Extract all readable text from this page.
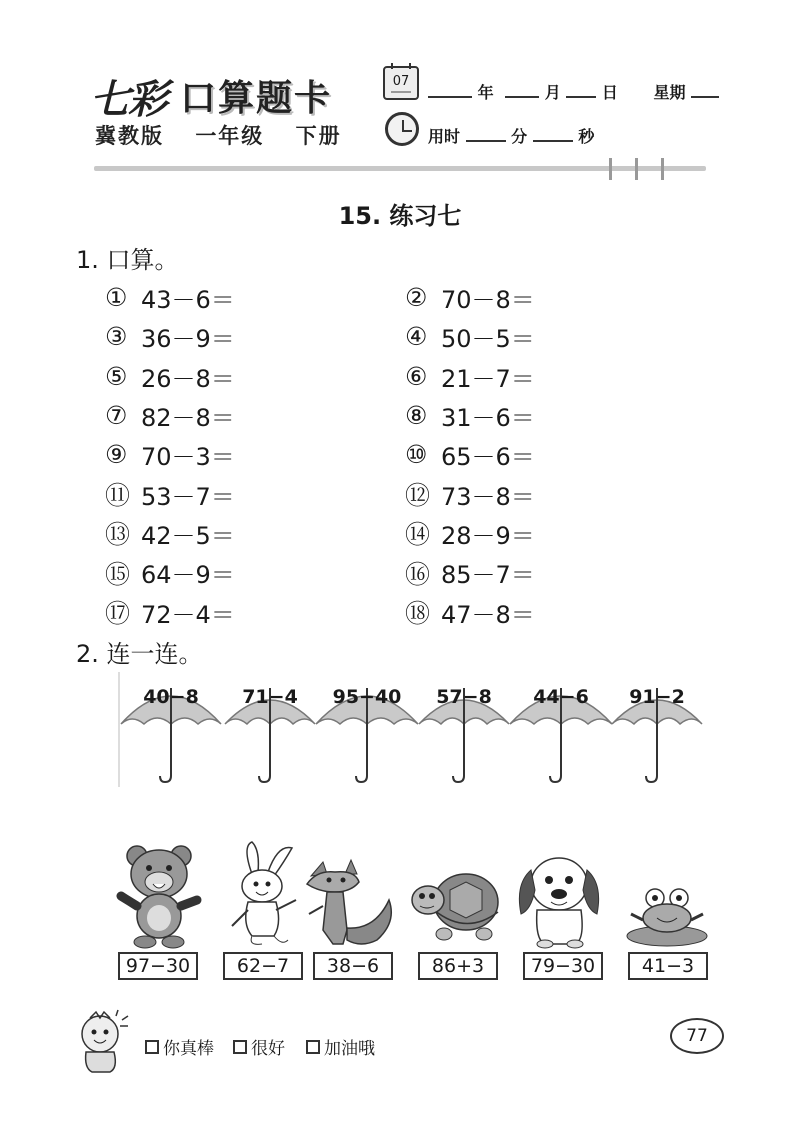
七彩 口算题卡
冀教版 一年级 下册
07
年	月	日 星期
用时	分	秒
15. 练习七
1. 口算。
① 43－6＝	② 70－8＝
③ 36－9＝	④ 50－5＝
⑤ 26－8＝	⑥ 21－7＝
⑦ 82－8＝	⑧ 31－6＝
⑨ 70－3＝	⑩ 65－6＝
⑪ 53－7＝	⑫ 73－8＝
⑬ 42－5＝	⑭ 28－9＝
⑮ 64－9＝	⑯ 85－7＝
⑰ 72－4＝	⑱ 47－8＝
2. 连一连。
40−8	71−4	95−40	57−8	44−6	91−2
97−30	62−7	38−6	86+3	79−30	41−3
你真棒 很好 加油哦
77
